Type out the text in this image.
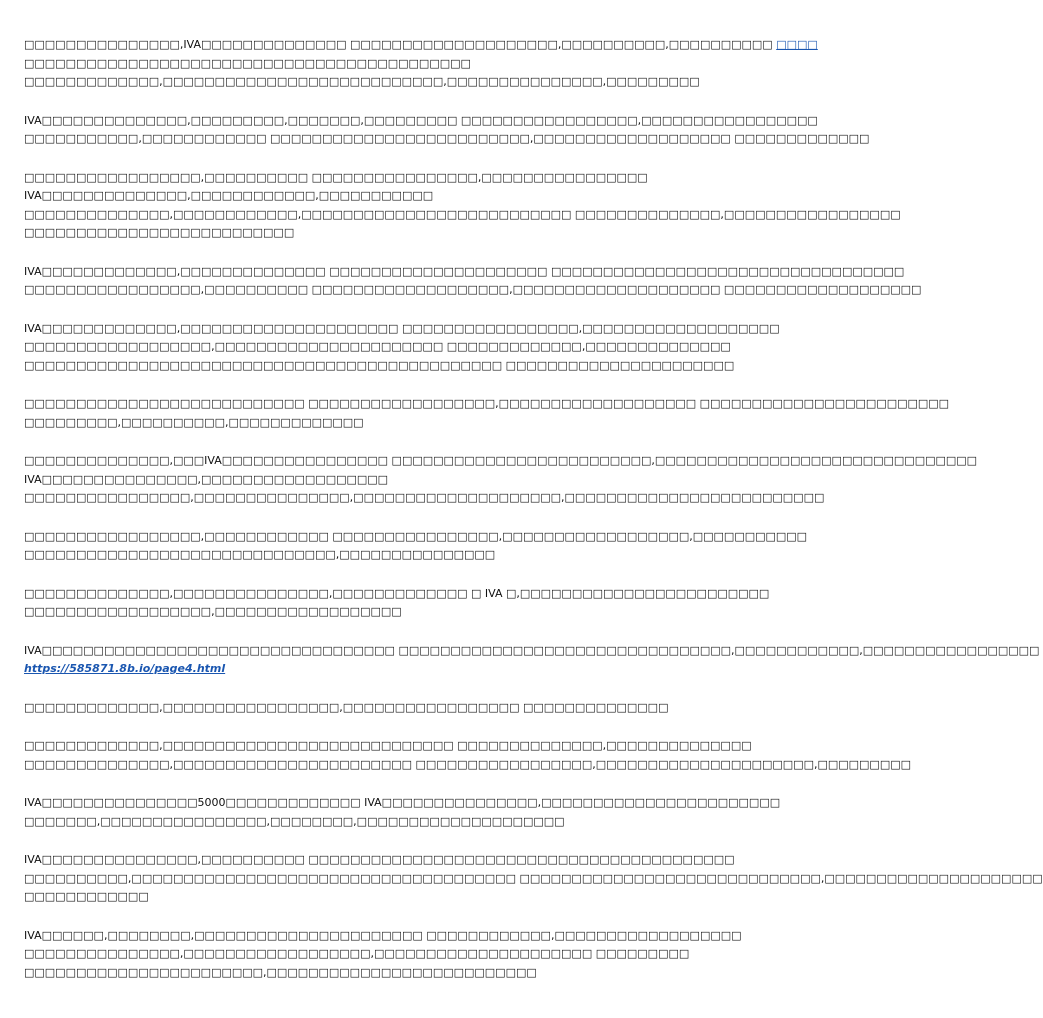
□□□□□□□□□□□□□□□,IVA□□□□□□□□□□□□□□ □□□□□□□□□□□□□□□□□□□□,□□□□□□□□□□,□□□□□□□□□□ □□□□
□□□□□□□□□□□□□□□□□□□□□□□□□□□□□□□□□□□□□□□□□□□
□□□□□□□□□□□□□,□□□□□□□□□□□□□□□□□□□□□□□□□□□,□□□□□□□□□□□□□□□,□□□□□□□□□
IVA□□□□□□□□□□□□□□,□□□□□□□□□,□□□□□□□,□□□□□□□□□ □□□□□□□□□□□□□□□□□,□□□□□□□□□□□□□□□□□
□□□□□□□□□□□,□□□□□□□□□□□□ □□□□□□□□□□□□□□□□□□□□□□□□□,□□□□□□□□□□□□□□□□□□□ □□□□□□□□□□□□□
□□□□□□□□□□□□□□□□□,□□□□□□□□□□ □□□□□□□□□□□□□□□□,□□□□□□□□□□□□□□□□
IVA□□□□□□□□□□□□□□,□□□□□□□□□□□□,□□□□□□□□□□□
□□□□□□□□□□□□□□,□□□□□□□□□□□□,□□□□□□□□□□□□□□□□□□□□□□□□□□ □□□□□□□□□□□□□□,□□□□□□□□□□□□□□□□□
□□□□□□□□□□□□□□□□□□□□□□□□□□
IVA□□□□□□□□□□□□□,□□□□□□□□□□□□□□ □□□□□□□□□□□□□□□□□□□□□ □□□□□□□□□□□□□□□□□□□□□□□□□□□□□□□□□□
□□□□□□□□□□□□□□□□□,□□□□□□□□□□ □□□□□□□□□□□□□□□□□□□,□□□□□□□□□□□□□□□□□□□□ □□□□□□□□□□□□□□□□□□□
IVA□□□□□□□□□□□□□,□□□□□□□□□□□□□□□□□□□□□ □□□□□□□□□□□□□□□□□,□□□□□□□□□□□□□□□□□□□
□□□□□□□□□□□□□□□□□□,□□□□□□□□□□□□□□□□□□□□□□ □□□□□□□□□□□□□,□□□□□□□□□□□□□□
□□□□□□□□□□□□□□□□□□□□□□□□□□□□□□□□□□□□□□□□□□□□□□ □□□□□□□□□□□□□□□□□□□□□□
□□□□□□□□□□□□□□□□□□□□□□□□□□□ □□□□□□□□□□□□□□□□□□,□□□□□□□□□□□□□□□□□□□ □□□□□□□□□□□□□□□□□□□□□□□□
□□□□□□□□□,□□□□□□□□□□,□□□□□□□□□□□□□
□□□□□□□□□□□□□□,□□□IVA□□□□□□□□□□□□□□□□ □□□□□□□□□□□□□□□□□□□□□□□□□,□□□□□□□□□□□□□□□□□□□□□□□□□□□□□□□
IVA□□□□□□□□□□□□□□□,□□□□□□□□□□□□□□□□□□
□□□□□□□□□□□□□□□□,□□□□□□□□□□□□□□□,□□□□□□□□□□□□□□□□□□□□,□□□□□□□□□□□□□□□□□□□□□□□□□
□□□□□□□□□□□□□□□□□,□□□□□□□□□□□□ □□□□□□□□□□□□□□□□,□□□□□□□□□□□□□□□□□□,□□□□□□□□□□□
□□□□□□□□□□□□□□□□□□□□□□□□□□□□□□,□□□□□□□□□□□□□□□
□□□□□□□□□□□□□□,□□□□□□□□□□□□□□□,□□□□□□□□□□□□□ □ IVA □,□□□□□□□□□□□□□□□□□□□□□□□□
□□□□□□□□□□□□□□□□□□,□□□□□□□□□□□□□□□□□□
IVA□□□□□□□□□□□□□□□□□□□□□□□□□□□□□□□□□□ □□□□□□□□□□□□□□□□□□□□□□□□□□□□□□□□,□□□□□□□□□□□□,□□□□□□□□□□□□□□□□□
https://585871.8b.io/page4.html
□□□□□□□□□□□□□,□□□□□□□□□□□□□□□□□,□□□□□□□□□□□□□□□□□ □□□□□□□□□□□□□□
□□□□□□□□□□□□□,□□□□□□□□□□□□□□□□□□□□□□□□□□□□ □□□□□□□□□□□□□□,□□□□□□□□□□□□□□
□□□□□□□□□□□□□□,□□□□□□□□□□□□□□□□□□□□□□□ □□□□□□□□□□□□□□□□□,□□□□□□□□□□□□□□□□□□□□□,□□□□□□□□□
IVA□□□□□□□□□□□□□□□5000□□□□□□□□□□□□□ IVA□□□□□□□□□□□□□□□,□□□□□□□□□□□□□□□□□□□□□□□
□□□□□□□,□□□□□□□□□□□□□□□□,□□□□□□□□,□□□□□□□□□□□□□□□□□□□□
IVA□□□□□□□□□□□□□□□,□□□□□□□□□□ □□□□□□□□□□□□□□□□□□□□□□□□□□□□□□□□□□□□□□□□□
□□□□□□□□□□,□□□□□□□□□□□□□□□□□□□□□□□□□□□□□□□□□□□□□ □□□□□□□□□□□□□□□□□□□□□□□□□□□□□,□□□□□□□□□□□□□□□□□□□□□
□□□□□□□□□□□□
IVA□□□□□□,□□□□□□□□,□□□□□□□□□□□□□□□□□□□□□□ □□□□□□□□□□□□,□□□□□□□□□□□□□□□□□□
□□□□□□□□□□□□□□□,□□□□□□□□□□□□□□□□□□,□□□□□□□□□□□□□□□□□□□□□ □□□□□□□□□
□□□□□□□□□□□□□□□□□□□□□□□,□□□□□□□□□□□□□□□□□□□□□□□□□□
